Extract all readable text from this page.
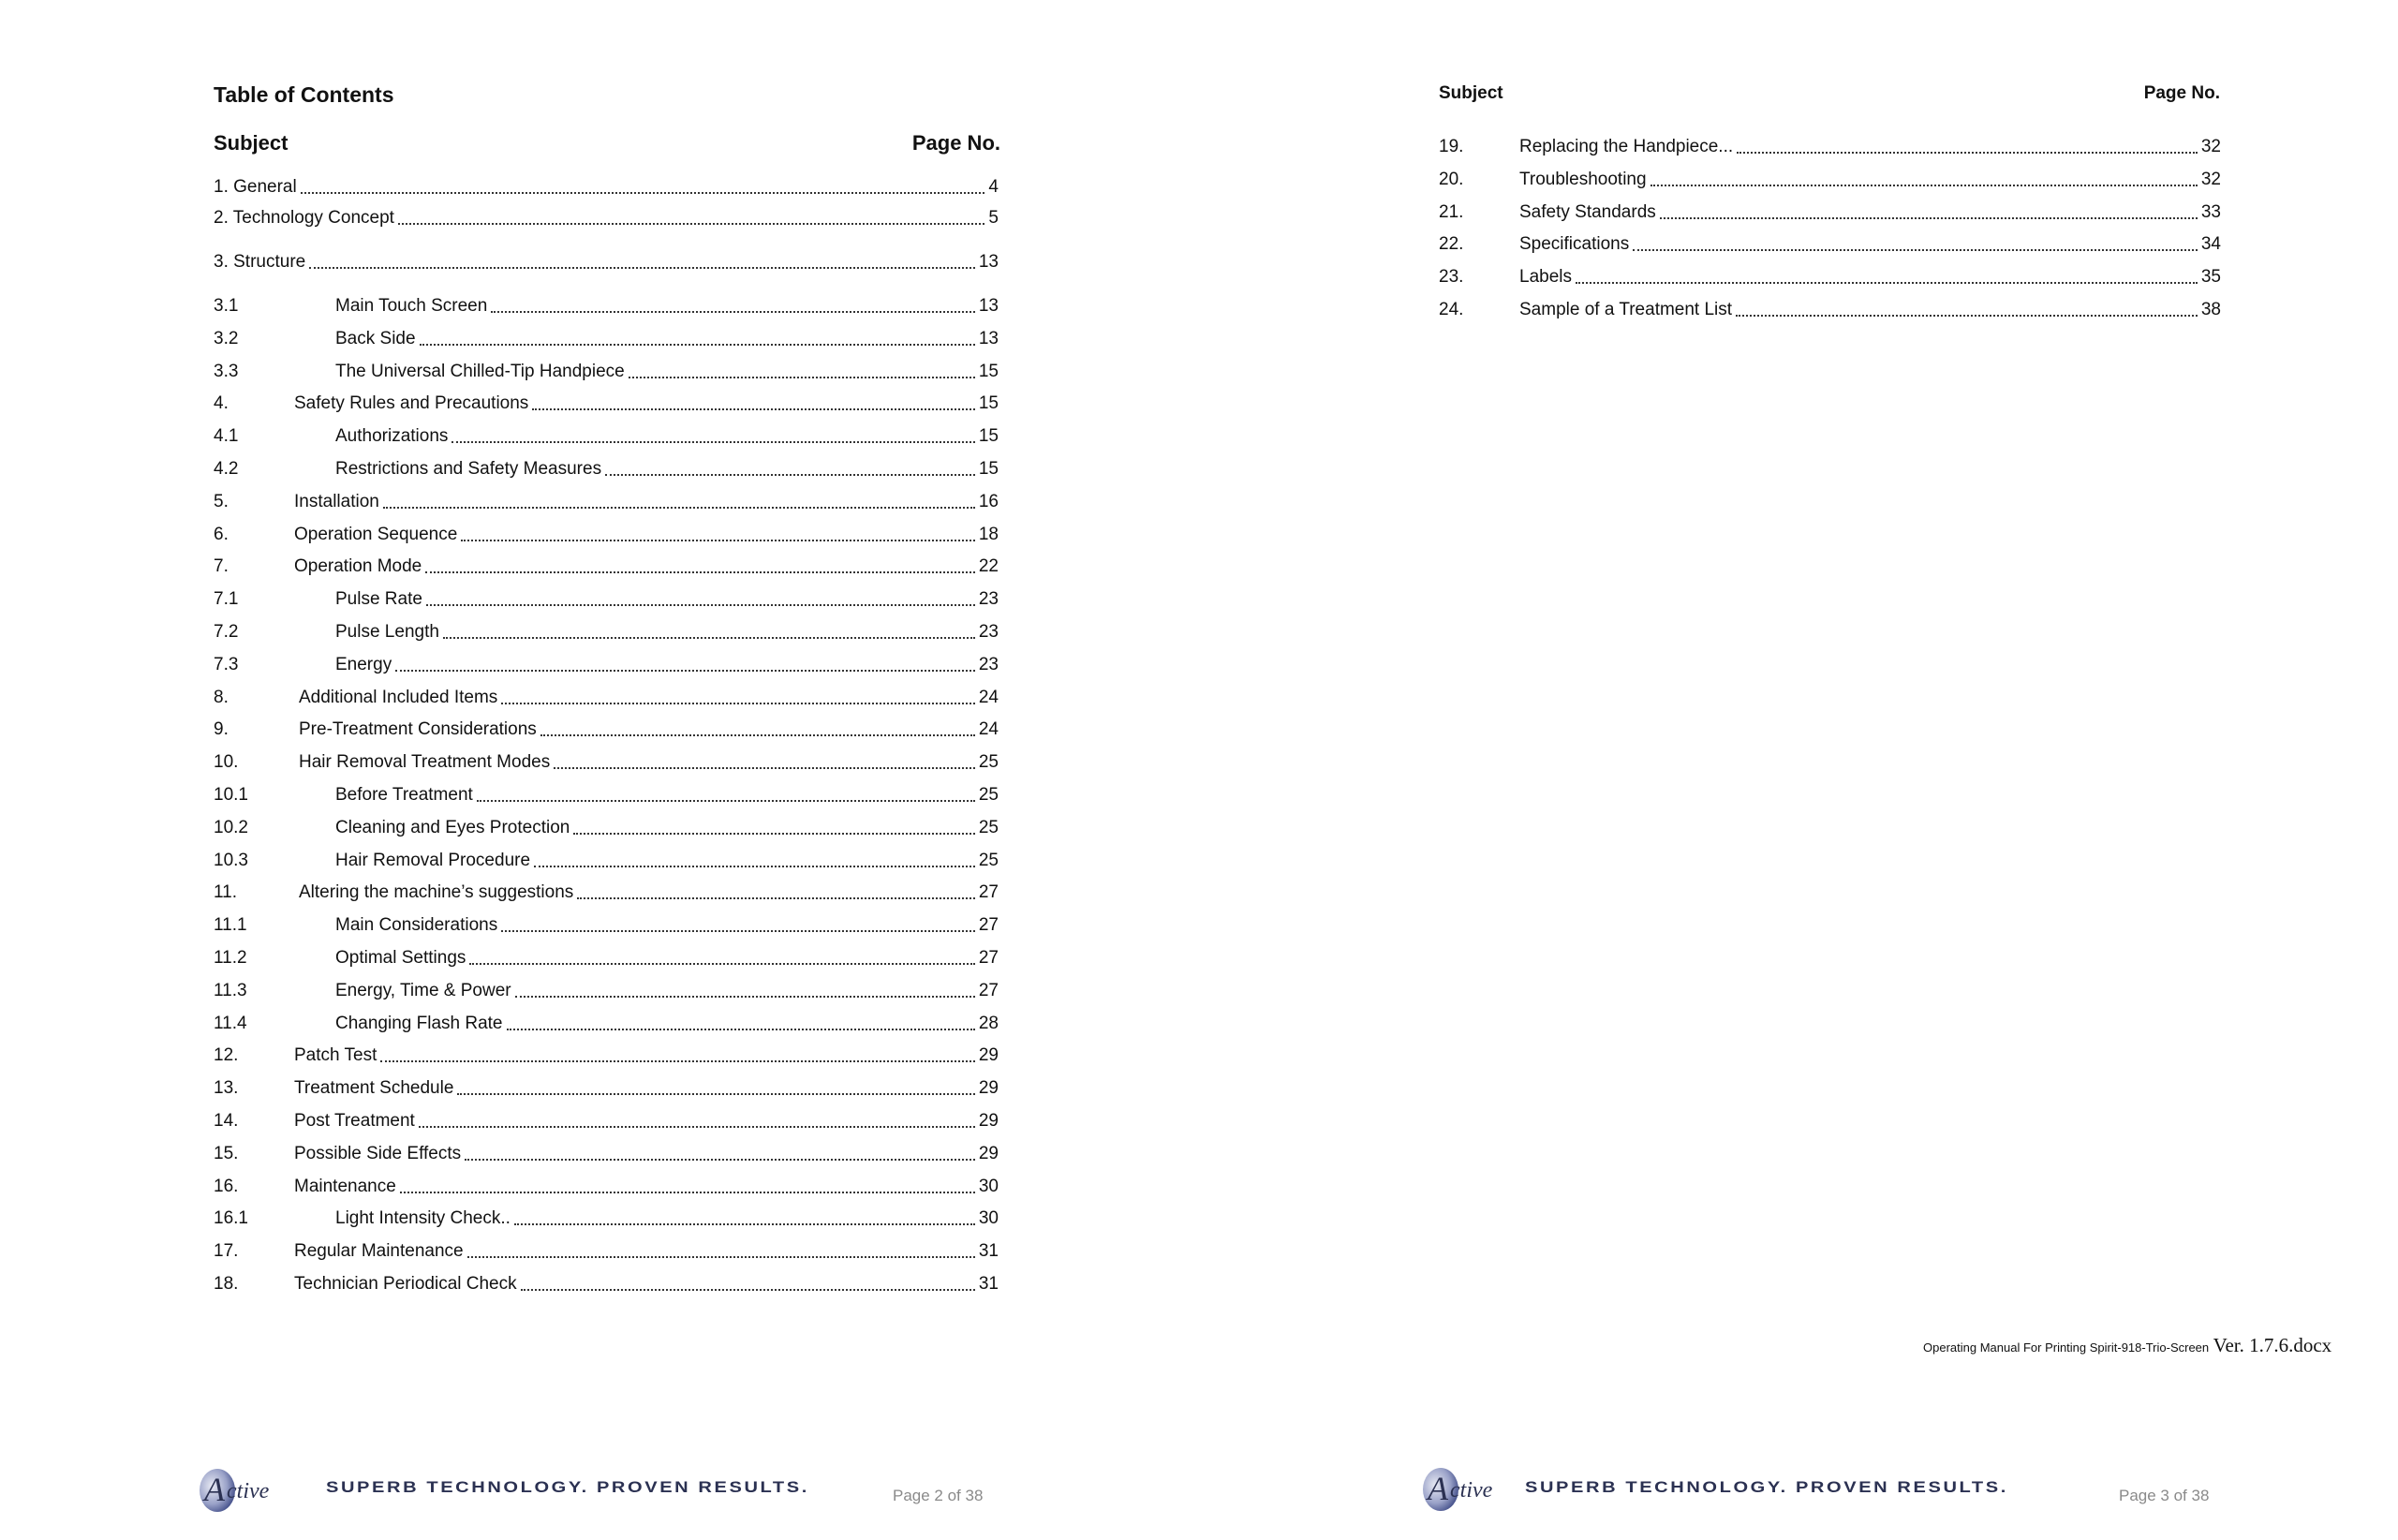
Table of Contents
Subject	Page No.
1. General	4
2. Technology Concept	5
3. Structure	13
3.1	Main Touch Screen	13
3.2	Back Side	13
3.3	The Universal Chilled-Tip Handpiece	15
4.	Safety Rules and Precautions	15
4.1	Authorizations	15
4.2	Restrictions and Safety Measures	15
5.	Installation	16
6.	Operation Sequence	18
7.	Operation Mode	22
7.1	Pulse Rate	23
7.2	Pulse Length	23
7.3	Energy	23
8.	Additional Included Items	24
9.	Pre-Treatment Considerations	24
10.	Hair Removal Treatment Modes	25
10.1	Before Treatment	25
10.2	Cleaning and Eyes Protection	25
10.3	Hair Removal Procedure	25
11.	Altering the machine’s suggestions	27
11.1	Main Considerations	27
11.2	Optimal Settings	27
11.3	Energy, Time & Power	27
11.4	Changing Flash Rate	28
12.	Patch Test	29
13.	Treatment Schedule	29
14.	Post Treatment	29
15.	Possible Side Effects	29
16.	Maintenance	30
16.1	Light Intensity Check..	30
17.	Regular Maintenance	31
18.	Technician Periodical Check	31
A ctive	SUPERB TECHNOLOGY. PROVEN RESULTS.	Page 2 of 38
Subject	Page No.
19.	Replacing the Handpiece...	32
20.	Troubleshooting	32
21.	Safety Standards	33
22.	Specifications	34
23.	Labels	35
24.	Sample of a Treatment List	38
Operating Manual For Printing Spirit-918-Trio-Screen Ver. 1.7.6.docx
A ctive SUPERB TECHNOLOGY. PROVEN RESULTS.	Page 3 of 38
